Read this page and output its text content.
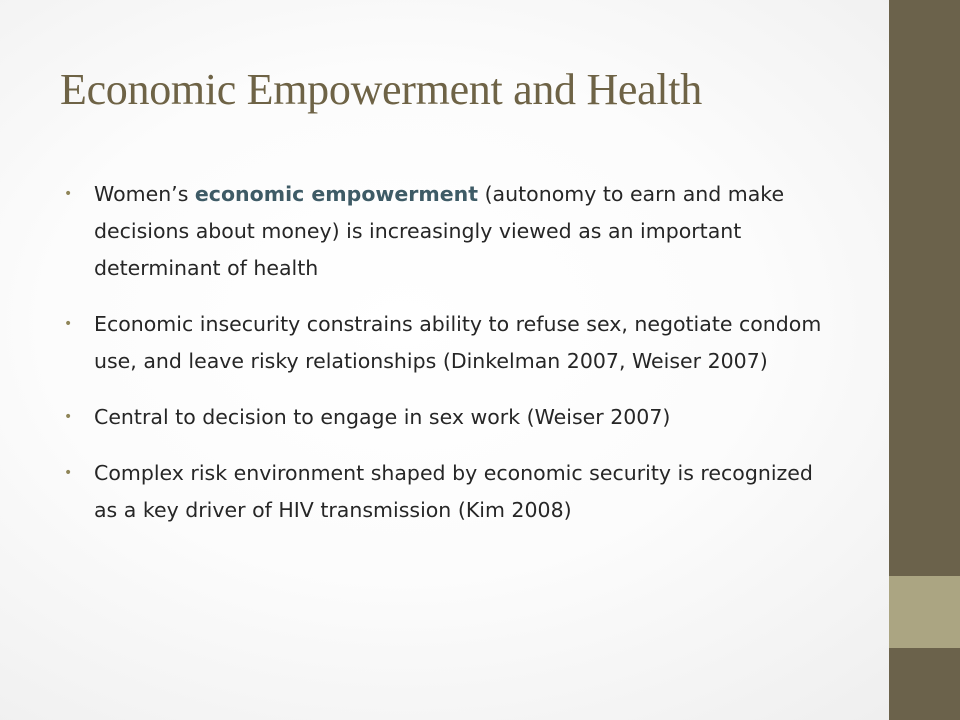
Economic Empowerment and Health
• Women’s economic empowerment (autonomy to earn and make decisions about money) is increasingly viewed as an important determinant of health
• Economic insecurity constrains ability to refuse sex, negotiate condom use, and leave risky relationships (Dinkelman 2007, Weiser 2007)
• Central to decision to engage in sex work (Weiser 2007)
• Complex risk environment shaped by economic security is recognized as a key driver of HIV transmission (Kim 2008)
